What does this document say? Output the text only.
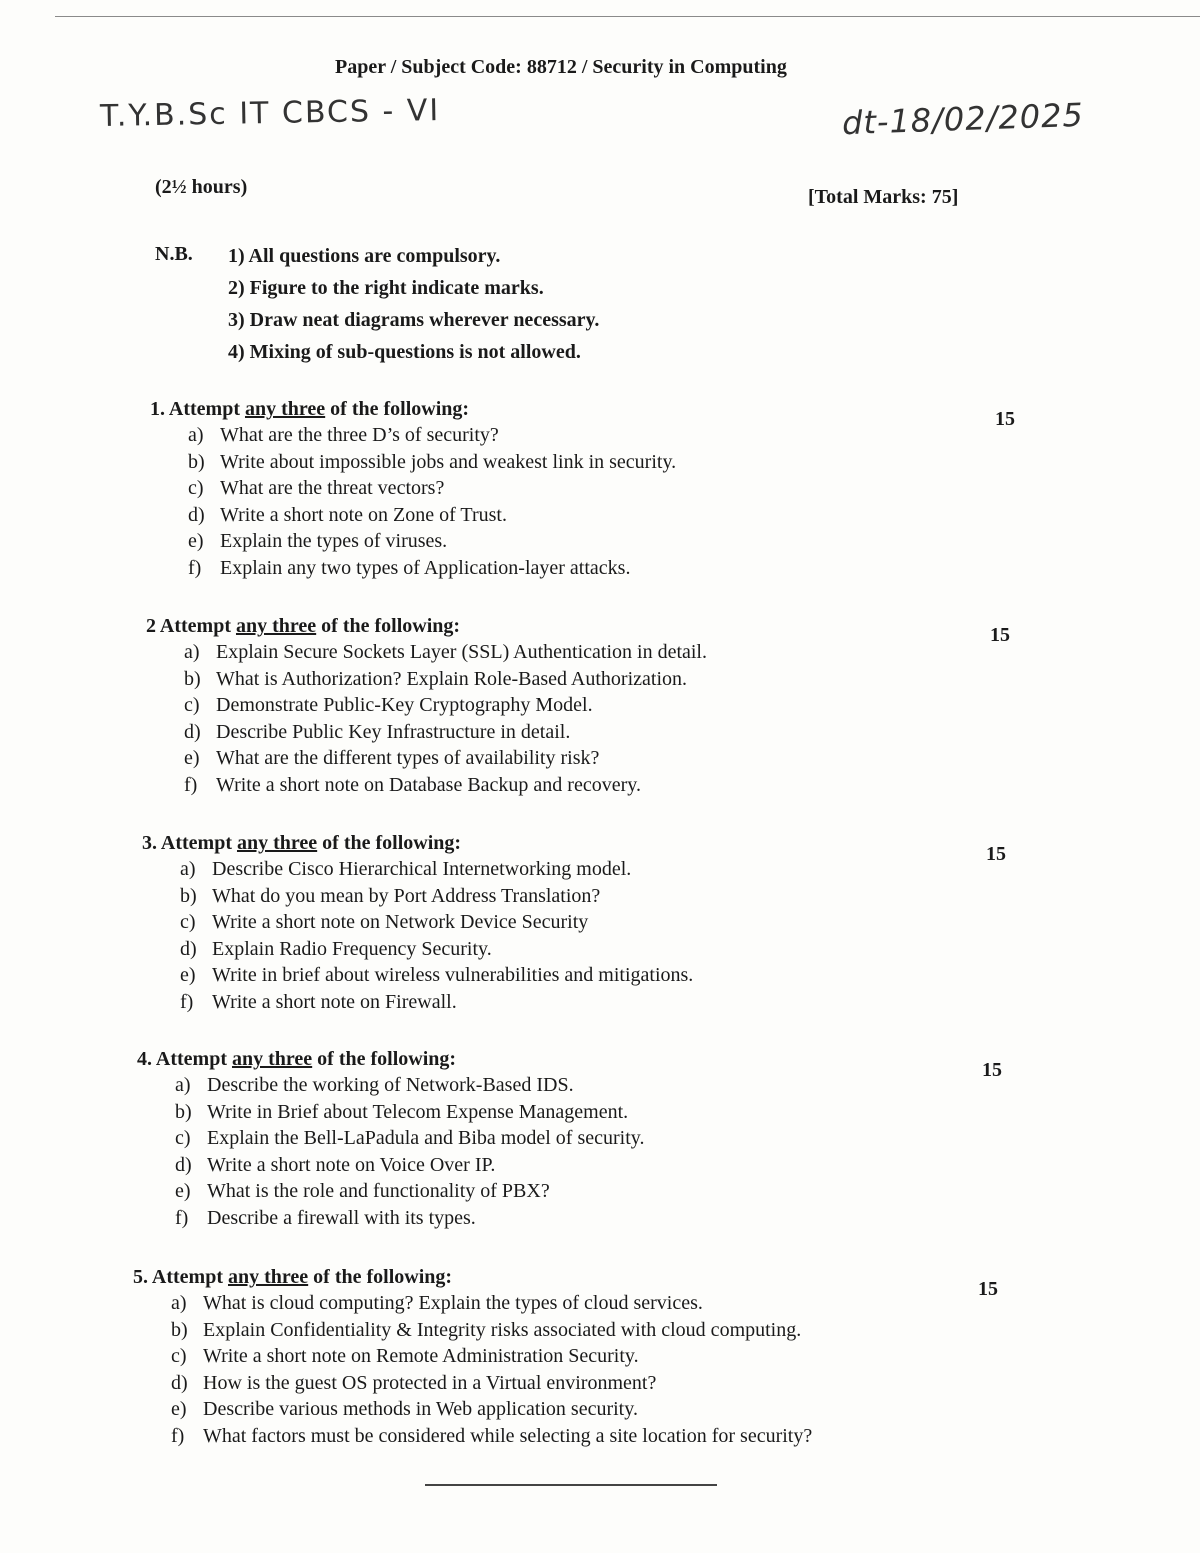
Paper / Subject Code: 88712 / Security in Computing
T.Y.B.Sc IT CBCS - VI	dt-18/02/2025
(2½ hours)	[Total Marks: 75]
N.B. 1) All questions are compulsory.
2) Figure to the right indicate marks.
3) Draw neat diagrams wherever necessary.
4) Mixing of sub-questions is not allowed.
1. Attempt any three of the following:
a) What are the three D’s of security?
b) Write about impossible jobs and weakest link in security.
c) What are the threat vectors?
d) Write a short note on Zone of Trust.
e) Explain the types of viruses.
f) Explain any two types of Application-layer attacks.
15
2 Attempt any three of the following:
a) Explain Secure Sockets Layer (SSL) Authentication in detail.
b) What is Authorization? Explain Role-Based Authorization.
c) Demonstrate Public-Key Cryptography Model.
d) Describe Public Key Infrastructure in detail.
e) What are the different types of availability risk?
f) Write a short note on Database Backup and recovery.
15
3. Attempt any three of the following:
a) Describe Cisco Hierarchical Internetworking model.
b) What do you mean by Port Address Translation?
c) Write a short note on Network Device Security
d) Explain Radio Frequency Security.
e) Write in brief about wireless vulnerabilities and mitigations.
f) Write a short note on Firewall.
15
4. Attempt any three of the following:
a) Describe the working of Network-Based IDS.
b) Write in Brief about Telecom Expense Management.
c) Explain the Bell-LaPadula and Biba model of security.
d) Write a short note on Voice Over IP.
e) What is the role and functionality of PBX?
f) Describe a firewall with its types.
15
5. Attempt any three of the following:
a) What is cloud computing? Explain the types of cloud services.
b) Explain Confidentiality & Integrity risks associated with cloud computing.
c) Write a short note on Remote Administration Security.
d) How is the guest OS protected in a Virtual environment?
e) Describe various methods in Web application security.
f) What factors must be considered while selecting a site location for security?
15
